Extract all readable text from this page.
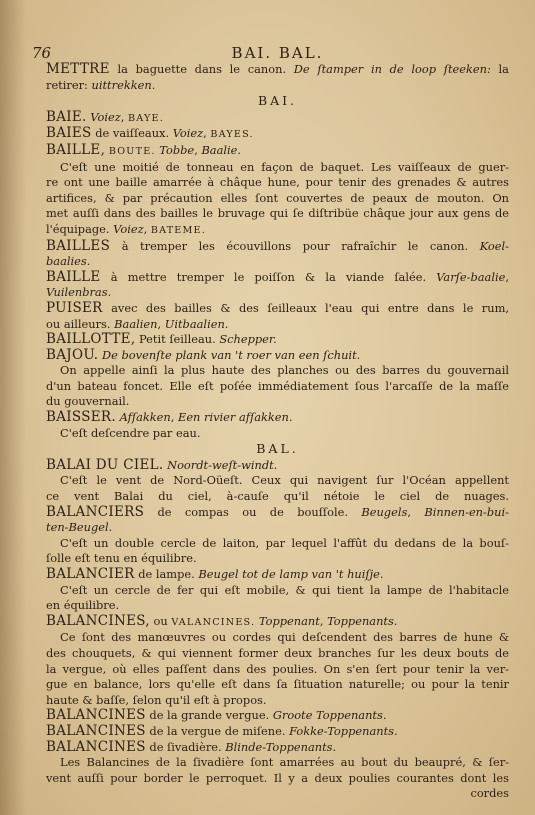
76	BAI. BAL.
METTRE la baguette dans le canon. De ſtamper in de loop ſteeken: la
retirer: uittrekken.
BAI.
BAIE. Voiez, BAYE.
BAIES de vaiſſeaux. Voiez, BAYES.
BAILLE, BOUTE. Tobbe, Baalie.
C'eſt une moitié de tonneau en façon de baquet. Les vaiſſeaux de guer-
re ont une baille amarrée à châque hune, pour tenir des grenades & autres
artifices, & par précaution elles ſont couvertes de peaux de mouton. On
met auſſi dans des bailles le bruvage qui ſe diſtribüe châque jour aux gens de
l'équipage. Voiez, BATEME.
BAILLES à tremper les écouvillons pour rafraîchir le canon. Koel-
baalies.
BAILLE à mettre tremper le poiſſon & la viande ſalée. Varſe-baalie,
Vuilenbras.
PUISER avec des bailles & des ſeilleaux l'eau qui entre dans le rum,
ou ailleurs. Baalien, Uitbaalien.
BAILLOTTE, Petit ſeilleau. Schepper.
BAJOU. De bovenſte plank van 't roer van een ſchuit.
On appelle ainſi la plus haute des planches ou des barres du gouvernail
d'un bateau foncet. Elle eſt poſée immédiatement ſous l'arcaſſe de la maſſe
du gouvernail.
BAISSER. Afſakken, Een rivier afſakken.
C'eſt deſcendre par eau.
BAL.
BALAI DU CIEL. Noordt-weſt-windt.
C'eſt le vent de Nord-Oüeſt. Ceux qui navigent ſur l'Océan appellent
ce vent Balai du ciel, à-cauſe qu'il nétoie le ciel de nuages.
BALANCIERS de compas ou de bouſſole. Beugels, Binnen-en-bui-
ten-Beugel.
C'eſt un double cercle de laiton, par lequel l'affût du dedans de la bouſ-
ſolle eſt tenu en équilibre.
BALANCIER de lampe. Beugel tot de lamp van 't huiſje.
C'eſt un cercle de fer qui eſt mobile, & qui tient la lampe de l'habitacle
en équilibre.
BALANCINES, ou VALANCINES. Toppenant, Toppenants.
Ce ſont des manœuvres ou cordes qui deſcendent des barres de hune &
des chouquets, & qui viennent former deux branches ſur les deux bouts de
la vergue, où elles paſſent dans des poulies. On s'en ſert pour tenir la ver-
gue en balance, lors qu'elle eſt dans ſa ſituation naturelle; ou pour la tenir
haute & baſſe, ſelon qu'il eſt à propos.
BALANCINES de la grande vergue. Groote Toppenants.
BALANCINES de la vergue de miſene. Fokke-Toppenants.
BALANCINES de ſivadière. Blinde-Toppenants.
Les Balancines de la ſivadière ſont amarrées au bout du beaupré, & ſer-
vent auſſi pour border le perroquet. Il y a deux poulies courantes dont les
cordes
